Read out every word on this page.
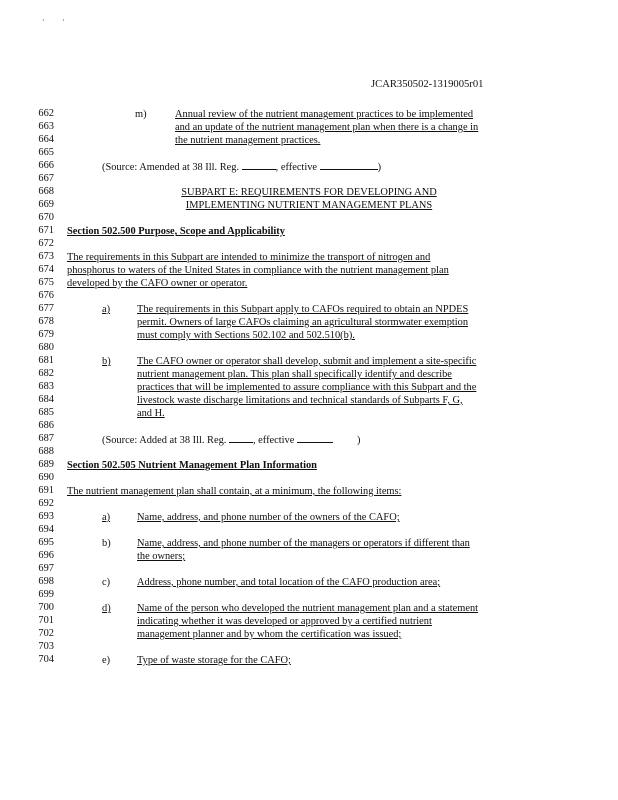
· ·
JCAR350502-1319005r01
662
663
664
665
666
667
668
669
670
671
672
673
674
675
676
677
678
679
680
681
682
683
684
685
686
687
688
689
690
691
692
693
694
695
696
697
698
699
700
701
702
703
704
m)	Annual review of the nutrient management practices to be implemented
and an update of the nutrient management plan when there is a change in
the nutrient management practices.
(Source: Amended at 38 Ill. Reg.	, effective	)
SUBPART E: REQUIREMENTS FOR DEVELOPING AND
IMPLEMENTING NUTRIENT MANAGEMENT PLANS
Section 502.500 Purpose, Scope and Applicability
The requirements in this Subpart are intended to minimize the transport of nitrogen and
phosphorus to waters of the United States in compliance with the nutrient management plan
developed by the CAFO owner or operator.
a)	The requirements in this Subpart apply to CAFOs required to obtain an NPDES
permit. Owners of large CAFOs claiming an agricultural stormwater exemption
must comply with Sections 502.102 and 502.510(b).
b)	The CAFO owner or operator shall develop, submit and implement a site-specific
nutrient management plan. This plan shall specifically identify and describe
practices that will be implemented to assure compliance with this Subpart and the
livestock waste discharge limitations and technical standards of Subparts F, G,
and H.
(Source: Added at 38 Ill. Reg. , effective	)
Section 502.505 Nutrient Management Plan Information
The nutrient management plan shall contain, at a minimum, the following items:
a)	Name, address, and phone number of the owners of the CAFO;
b)	Name, address, and phone number of the managers or operators if different than
the owners;
c)	Address, phone number, and total location of the CAFO production area;
d)	Name of the person who developed the nutrient management plan and a statement
indicating whether it was developed or approved by a certified nutrient
management planner and by whom the certification was issued;
e)	Type of waste storage for the CAFO;
